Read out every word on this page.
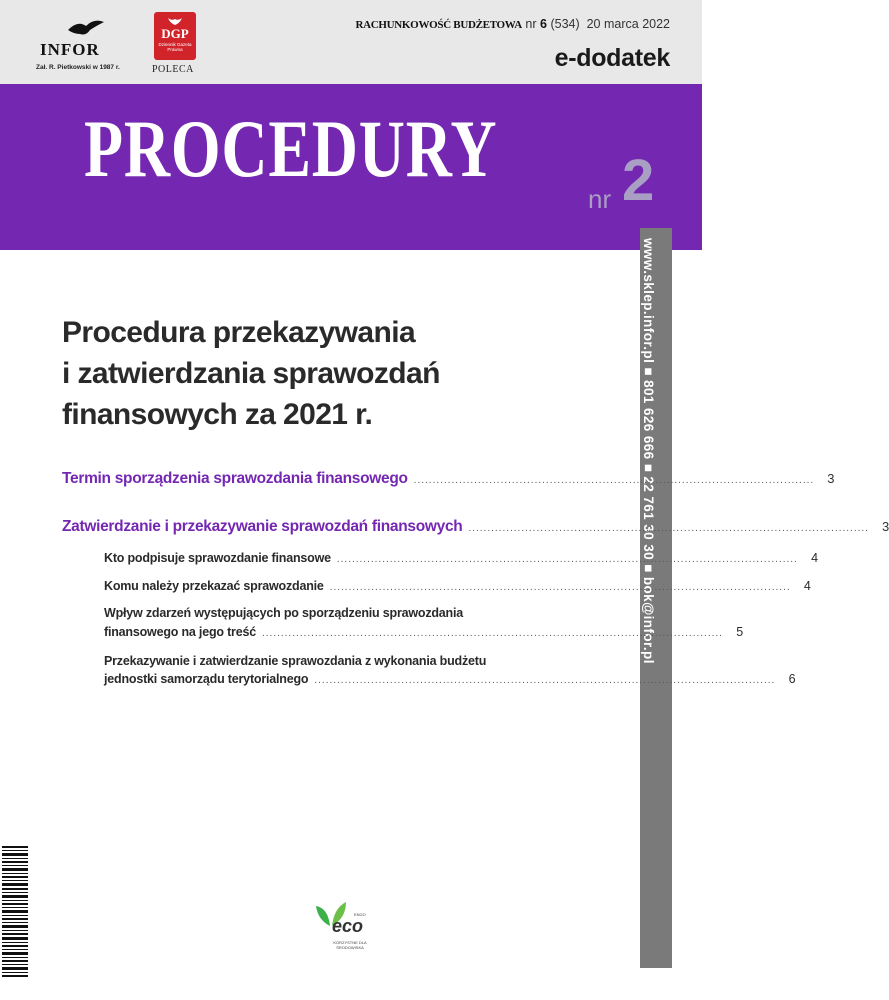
INFOR
Zał. R. Pietkowski w 1987 r.
DGP
Dziennik Gazeta Prawna
POLECA
RACHUNKOWOŚĆ BUDŻETOWA nr 6 (534) 20 marca 2022
e-dodatek
PROCEDURY
nr 2
www.sklep.infor.pl ■ 801 626 666 ■ 22 761 30 30 ■ bok@infor.pl
Procedura przekazywania
i zatwierdzania sprawozdań
finansowych za 2021 r.
Termin sporządzenia sprawozdania finansowego ..........................................................................................................	3
Zatwierdzanie i przekazywanie sprawozdań finansowych ..........................................................................................................	3
Kto podpisuje sprawozdanie finansowe ..........................................................................................................................	4
Komu należy przekazać sprawozdanie ..........................................................................................................................	4
Wpływ zdarzeń występujących po sporządzeniu sprawozdania
finansowego na jego treść ..........................................................................................................................	5
Przekazywanie i zatwierdzanie sprawozdania z wykonania budżetu
jednostki samorządu terytorialnego ..........................................................................................................................	6
ENGO
eco
KORZYSTNE DLA ŚRODOWISKA
